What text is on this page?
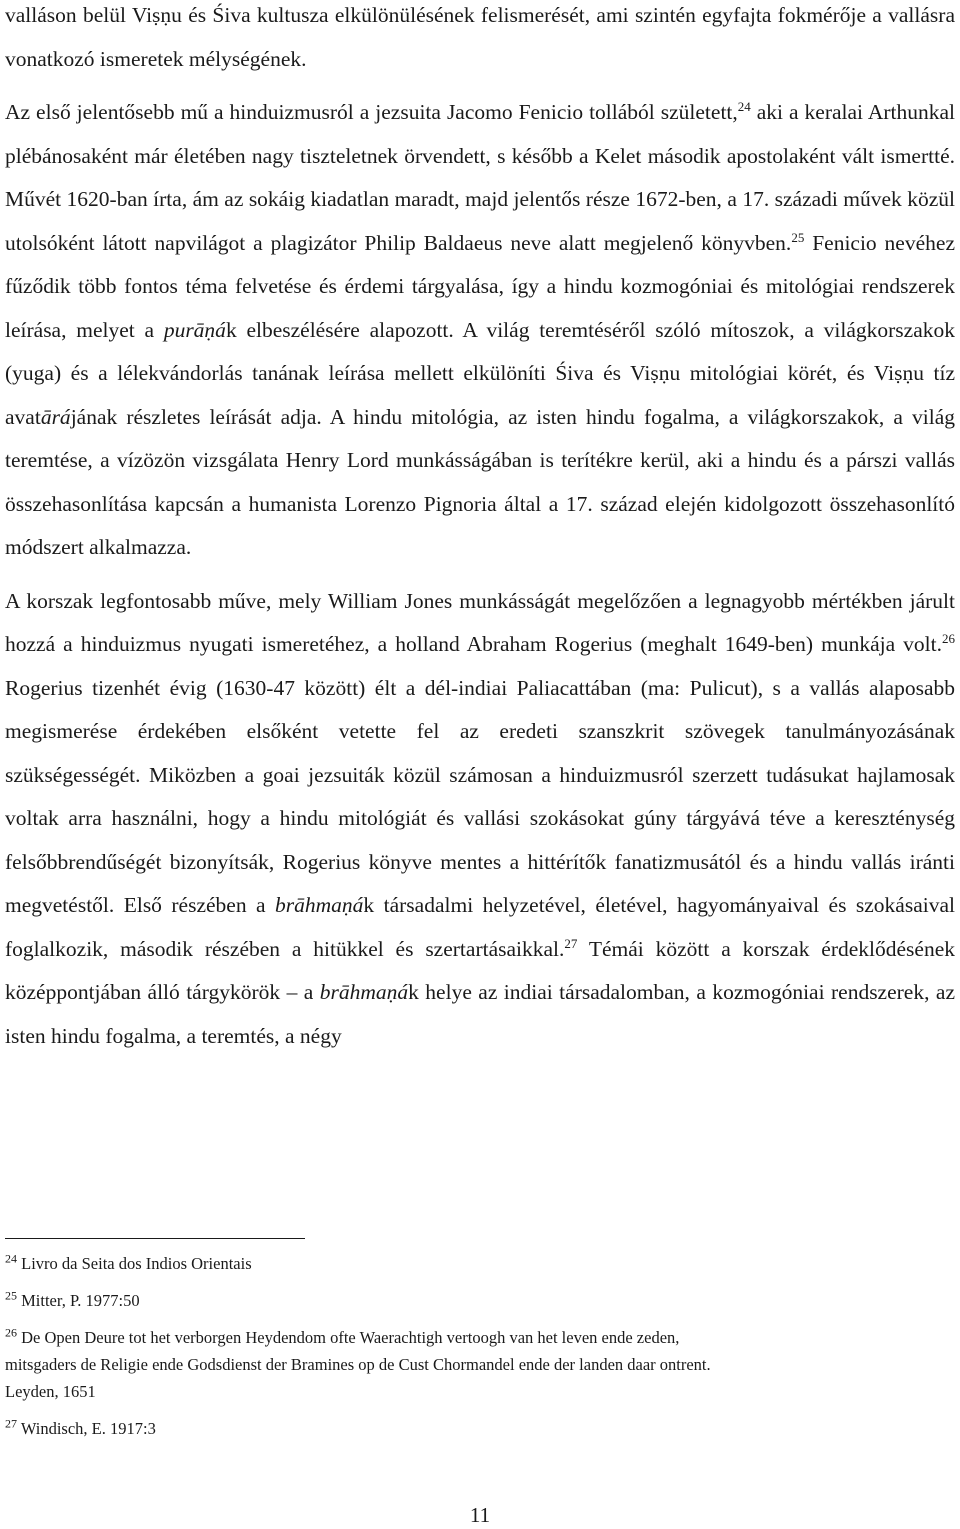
valláson belül Viṣṇu és Śiva kultusza elkülönülésének felismerését, ami szintén egyfajta fokmérője a vallásra vonatkozó ismeretek mélységének.

Az első jelentősebb mű a hinduizmusról a jezsuita Jacomo Fenicio tollából született,$^{24}$ aki a keralai Arthunkal plébánosaként már életében nagy tiszteletnek örvendett, s később a Kelet második apostolaként vált ismertté. Művét 1620-ban írta, ám az sokáig kiadatlan maradt, majd jelentős része 1672-ben, a 17. századi művek közül utolsóként látott napvilágot a plagizátor Philip Baldaeus neve alatt megjelenő könyvben.$^{25}$ Fenicio nevéhez fűződik több fontos téma felvetése és érdemi tárgyalása, így a hindu kozmogóniai és mitológiai rendszerek leírása, melyet a purāṇák elbeszélésére alapozott. A világ teremtéséről szóló mítoszok, a világkorszakok (yuga) és a lélekvándorlás tanának leírása mellett elkülöníti Śiva és Viṣṇu mitológiai körét, és Viṣṇu tíz avatārájának részletes leírását adja. A hindu mitológia, az isten hindu fogalma, a világkorszakok, a világ teremtése, a vízözön vizsgálata Henry Lord munkásságában is terítékre kerül, aki a hindu és a párszi vallás összehasonlítása kapcsán a humanista Lorenzo Pignoria által a 17. század elején kidolgozott összehasonlító módszert alkalmazza.

A korszak legfontosabb műve, mely William Jones munkásságát megelőzően a legnagyobb mértékben járult hozzá a hinduizmus nyugati ismeretéhez, a holland Abraham Rogerius (meghalt 1649-ben) munkája volt.$^{26}$ Rogerius tizenhét évig (1630-47 között) élt a dél-indiai Paliacattában (ma: Pulicut), s a vallás alaposabb megismerése érdekében elsőként vetette fel az eredeti szanszkrit szövegek tanulmányozásának szükségességét. Miközben a goai jezsuiták közül számosan a hinduizmusról szerzett tudásukat hajlamosak voltak arra használni, hogy a hindu mitológiát és vallási szokásokat gúny tárgyává téve a kereszténység felsőbbrendűségét bizonyítsák, Rogerius könyve mentes a hittérítők fanatizmusától és a hindu vallás iránti megvetéstől. Első részében a brāhmaṇák társadalmi helyzetével, életével, hagyományaival és szokásaival foglalkozik, második részében a hitükkel és szertartásaikkal.$^{27}$ Témái között a korszak érdeklődésének középpontjában álló tárgykörök – a brāhmaṇák helye az indiai társadalomban, a kozmogóniai rendszerek, az isten hindu fogalma, a teremtés, a négy

$^{24}$ Livro da Seita dos Indios Orientais
$^{25}$ Mitter, P. 1977:50
$^{26}$ De Open Deure tot het verborgen Heydendom ofte Waerachtigh vertoogh van het leven ende zeden,
mitsgaders de Religie ende Godsdienst der Bramines op de Cust Chormandel ende der landen daar ontrent.
Leyden, 1651
$^{27}$ Windisch, E. 1917:3
11
